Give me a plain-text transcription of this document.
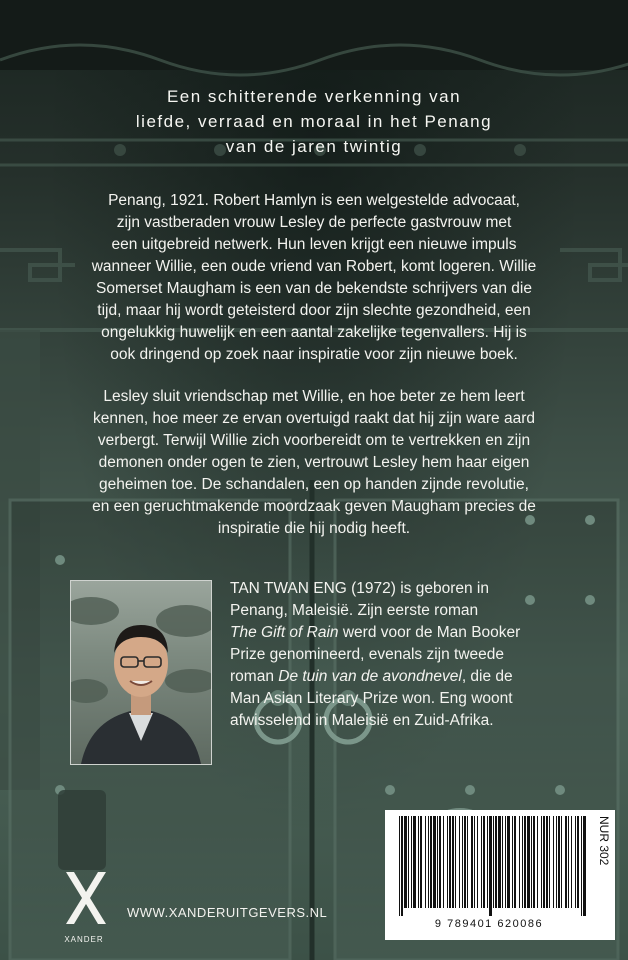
Een schitterende verkenning van
liefde, verraad en moraal in het Penang
van de jaren twintig
Penang, 1921. Robert Hamlyn is een welgestelde advocaat,
zijn vastberaden vrouw Lesley de perfecte gastvrouw met
een uitgebreid netwerk. Hun leven krijgt een nieuwe impuls
wanneer Willie, een oude vriend van Robert, komt logeren. Willie
Somerset Maugham is een van de bekendste schrijvers van die
tijd, maar hij wordt geteisterd door zijn slechte gezondheid, een
ongelukkig huwelijk en een aantal zakelijke tegenvallers. Hij is
ook dringend op zoek naar inspiratie voor zijn nieuwe boek.
Lesley sluit vriendschap met Willie, en hoe beter ze hem leert
kennen, hoe meer ze ervan overtuigd raakt dat hij zijn ware aard
verbergt. Terwijl Willie zich voorbereidt om te vertrekken en zijn
demonen onder ogen te zien, vertrouwt Lesley hem haar eigen
geheimen toe. De schandalen, een op handen zijnde revolutie,
en een geruchtmakende moordzaak geven Maugham precies de
inspiratie die hij nodig heeft.
TAN TWAN ENG (1972) is geboren in
Penang, Maleisië. Zijn eerste roman
The Gift of Rain werd voor de Man Booker
Prize genomineerd, evenals zijn tweede
roman De tuin van de avondnevel, die de
Man Asian Literary Prize won. Eng woont
afwisselend in Maleisië en Zuid-Afrika.
9 789401 620086
NUR 302
XANDER
WWW.XANDERUITGEVERS.NL
